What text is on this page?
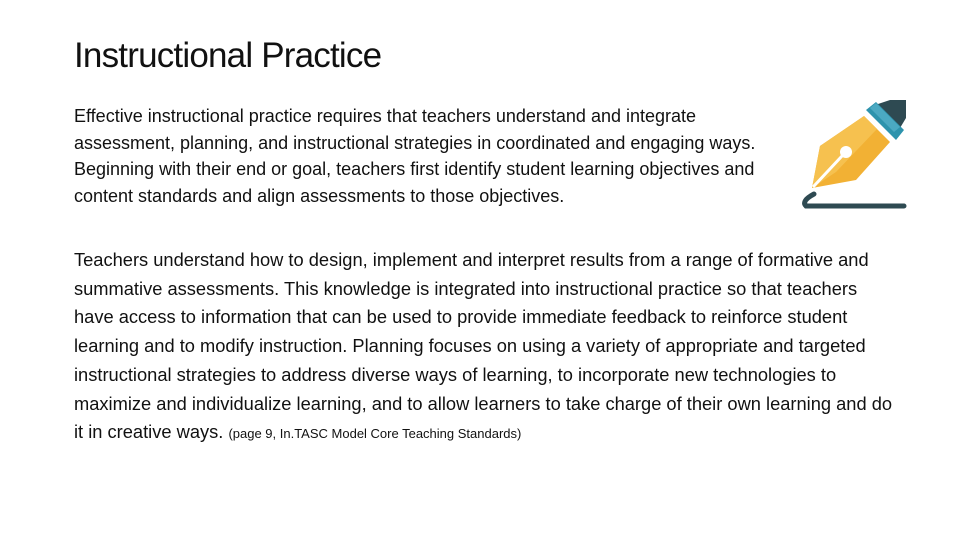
Instructional Practice

Effective instructional practice requires that teachers understand and integrate assessment, planning, and instructional strategies in coordinated and engaging ways. Beginning with their end or goal, teachers first identify student learning objectives and content standards and align assessments to those objectives.

Teachers understand how to design, implement and interpret results from a range of formative and summative assessments. This knowledge is integrated into instructional practice so that teachers have access to information that can be used to provide immediate feedback to reinforce student learning and to modify instruction. Planning focuses on using a variety of appropriate and targeted instructional strategies to address diverse ways of learning, to incorporate new technologies to maximize and individualize learning, and to allow learners to take charge of their own learning and do it in creative ways. (page 9, In.TASC Model Core Teaching Standards)
